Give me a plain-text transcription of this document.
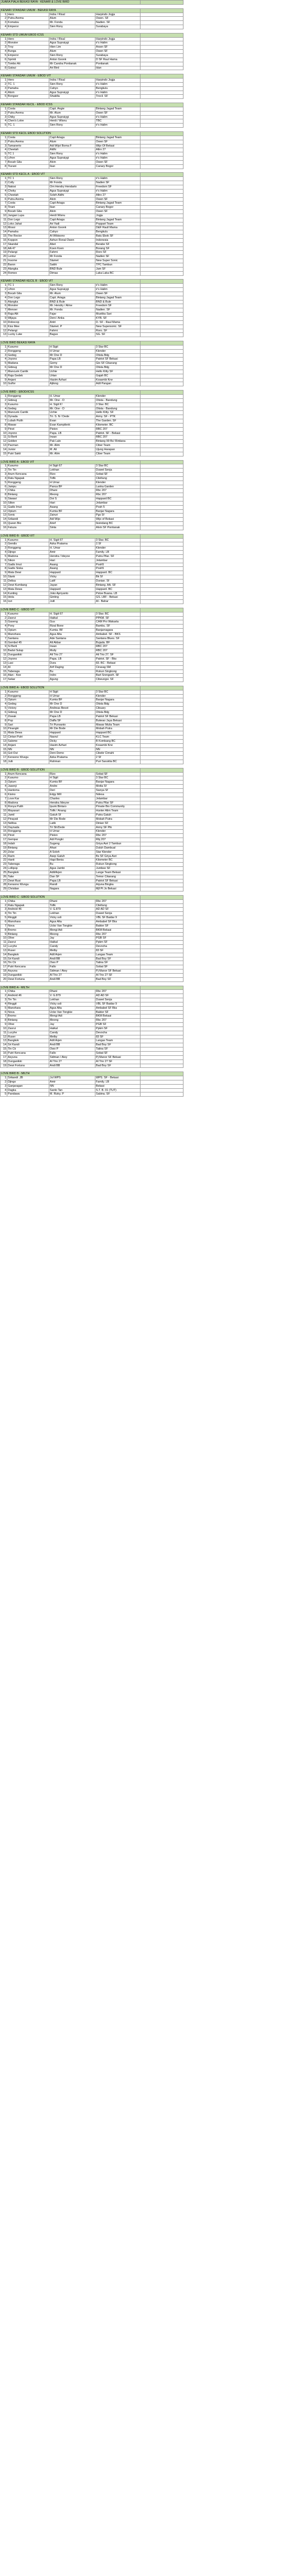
JUARA PIALA BEKASI RAYA - KENARI & LOVE BIRD				

KENARI STANDAR UMUM - BEKASI RAYA				
1	Hero	Indra / Risal	Harpindo Jogja	
2	Putra Arema	Alum	Owen. SF	
3	Komatsu	Mr. Fonda	Nadien. SF	
4	Emperor	Sien Rony	Surabaya	

KENARI STD UMUM EBOD ICSS				
1	Hero	Indra / Risal	Harpindo Jogja	
2	Monster	Agus Supraiygi	ir's Halim	
3	Troy	Hien Lim	Arsen SF	
4	Bunga	Alum	Owen SF	
5	Emperor	Sien Rony	Surabaya	
6	Sprinti	Anton Goonk	D SF Raul Hama	
7	Tombo Ati	Mr Candra Pontianak	Pontianak	
8	Gatsui	Ari Bird	Idan	

KENARI STANDAR UMUM - EBOD VIT				
1	Hero	Indra / Risal	Harpindo Jogja	
2	TC. 1	Sien Rony	ir's Halim	
3	Pamaha	Cahyo	Bengkulu	
4	Atom	Agus Supraiygi	ir's Halim	
5	Bongsor	Shakilla	Trecil. SF	

KENARI STANDAR KECIL - EBOD ICSS				
1	Costa	Capt. Angie	Bintang Jagad Team	
2	Putra Arema	Mr. Alum	Owen SF	
3	Chiky	Agus Supraiygi	ir's Halim	
4	Chen's Lotre	Herdi / Wisnu	TBC	
5	TC. 1	Sien Rony	ir's Halim	

KENARI STD KECIL EBOD SOLUTION				
1	Costa	Capt Ariaga	Bintang Jagad Team	
2	Putra Arema	Alum	Owen SF	
3	Tamanerto	Adi Wijo/ Boma F	Wijo Of Bekasi	
4	Cheetah	Aldhi	Altro 27	
5	TC 1	Sien Rony	ir's Halim	
6	Lifron	Agus Supraiygi	ir's Halim	
7	Bocah Gila	Alvin	Owen SF	
8	Tiurani	Ikan	Canary Bogor	

KENARI STD KECIL A - EBOD VIT				
1	TC 1	Sien Rony	ir's Halim	
2	Colly	Mr Fonda	Nadien SF	
3	Natosi	Om Hendry Hendarto	Freedom SF	
4	Choky	Agus Supraiygi	ir's Halim	
5	Cheetah	Soleh Aldhi	Altro 27	
6	Putra Arema	Alvin	Owen SF	
7	Costa	Capt Ariaga	Bintang Jagad Team	
8	Tirani	Ikan	Canary Bogor	
9	Bocah Gila	Alvin	Owen SF	
10	Jangan Lupa	Herdi Wisnu	Jogja	
11	Don Lego	Capt Ariaga	Bintang Jagad Team	
12	Loko Jahat	Ari Yadi	Poppart Team	
13	Mossi	Anton Goonk	D&F Raull Mama	
14	Pamaha	Cahyo	Bengkulu	
15	The Rector	Ai Wibisono	Batu Ebok SF	
16	Koppon	Azhun Ronal Owen	Indonesia	
17	Skandal	Abet	Berabe SF	
18	AA 47	Koen Koen	Borang SF	
19	Pelangi	Fahmi	Roro SF	
20	Lentur	Mr Fonda	Nadien SF	
21	Insome	Slamet	New Super Sonic	
22	Baron	Sakhi	TPC Tambun	
23	Alangka	BND Bule	Jam SF	
24	Romeo	Dimas	Laka Laka BC	

KENARI STANDAR KECIL B - EBOD VIT				
1	TC 1	Sien Rony	ir's Halim	
2	Lifron	Agus Supraiygi	ir's Halim	
3	Bocah Gila	Mr. Alum	Owen SF	
4	Don Lego	Capt. Ariaga	Bintang Jagad Team	
5	Alangka	BND & Bule	BND & Bule	
6	Monster	Mr. Hendry / Alme	Freedom SF	
7	Menoer	Mr. Fonda	Nadien. SF	
8	Raja Alit	Fajar	Mustika Sari	
9	Wijaya	Deni / Anka	KYB. SF	
10	Robocop	Antri	D. SF - Raul Mama	
11	Kiss Mee	Slamet. P	New Supersonic. SF	
12	Pelangi	Fahmi	Roro. SF	
13	Lucky Luke	Bagus	SG. SF	

LOVE BIRD BEKASI RAYA				
1	Kusumo	H Sigit	3 Star BC	
2	Ronggeng	H Umar	Klender	
3	Gedeg	Mr One D	Otista Bdg	
4	Joyono	Papa LB	Patriot SF Bekasi	
5	Madana	Gemy	Gio SF Cikarang	
6	Gideug	Mr One D	Otista Bdg	
7	Mancunk Cantik	Uchie	Hello Kitty SF	
8	Raja Gedek	Urtan	Gajah BC	
9	Anjani	Hasim Azhari	Kosambi Krw	
10	Gulfor	Ajilong	Adil Pangan	

LOVE BIRD - EBOD/ICSS				
1	Ronggeng	H. Umar	Klender	
2	Gideug	Mr. One - D	Otista - Bandung	
3	Kusumo	H. Sigit K!	3 Star. BC	
4	Gedeg	Mr. One - D	Otista - Bandung	
5	Mancunk Cantik	Uchie	Hello Kitty. SF	
6	Dynada	Tri. S. N / Dede	Army. SF - PTK	
7	Lubah Putih	Evan	The Garden. SF	
8	Mawar	Evan Kampilenk	Kilometer. BC	
9	Pinot	Piston	RBC 207	
10	Joyono	Papa. LB	Patriot. SF - Bekasi	
11	Si Berti	Irwan	RBC 207	
12	Golden	Pak Lalo	Bintang 99 Bc/ Rintiana	
13	Pacman	Mr. Alim	Ciber Team	
14	Junior	M. Ali	Ujung Harapan	
15	Putri Sakti	Mr. Alim	Ciber Team	

LOVE BIRD A - EBOD VIT				
1	Kusumo	H Sigit 67	3 Star BC	
2	Tin Tin	Lekhan	Duwet Senja	
3	Arum Kencana	Rizo	Sobat SF	
4	Ratu Ngapak	Tofik	Cileltung	
5	Ronggeng	H Umar	Klender	
6	Jampu	Panca BF	Lanka Garden	
7	Chika	Dhani	Rbc 207	
8	Bintang	Meong	Rbc 207	
9	Siwawi	Doi S	Happard BC	
10	Silion	Hari	Jelambar	
11	Gadis Imut	Asang	Posh 5	
12	Opium	Kumia BF	Banjar Nagara	
13	Sonic	Zairuri	Pgs Sf	
14	Srikandi	Adi Wijo	Wijo of Bekasi	
15	Queen Bio	Arief	Ikoindang BC	
16	Fatuza	Sinta	Alvin SF Pontianak	

LOVE BIRD B - EBOD VIT				
1	Kusumo	H. Sigit 67	3 Star. BC	
2	Gendis	Azka Pratama	2.Sf	
3	Ronggeng	H. Umar	Klender	
4	Djingo	Amir	Family. LB	
5	Madona	Hendra / Ideyoe	Putra Pilar. SF	
6	Sikon	Hari	Jelambar	
7	Gadis Imut	Asang	Posh5	
8	Gadis Siska	Asang	Posh5	
9	Mata Dewi	Happard	Happard. BC	
10	Slank	Vicky	Bk Sf	
11	Delisa	Latif	Dunian. Sf	
12	Dewi Kumbang	Jayan	Bintang. AA. SF	
13	Mata Dewa	Happard	Happard. BC	
14	Kunting	Joko Apriyanto	Pstoe Buana. LB	
15	Idola	Ginting	GS. LBF - Bekasi	
16	Izzi	Julil	Al - Bahar	

LOVE BIRD C - EBOD VIT				
1	Kusumo	H. Sigit 67	3 Star. BC	
2	Zasrui	Haikal	PPKM. SF	
3	Gaseng	Gus	CAM Pro Wakarta	
4	Pony	Rizal Bone	Bambu. SF	
5	Opium	Kumia. BF	Banjarnagara	
6	Manohara	Agus Alta	Ambabel. SF - BKS	
7	Santana	Ade Santana	Santana Blues. SF	
8	Gembel 45	Ali Akbar	Bujada. BF	
9	Si Berti	Irwan	RBC 207	
10	Badut Sulap	Mully	RBC 207	
11	Dunganikki	Ali Trio 27	Ali Trio 27. SF	
12	Joyono	Papa. LB	Patriot. SF - Bks	
13	Lasi	Dura	83. BC - Bekasi	
14	Al	Arif Daging	Cirasag SM	
15	Taberaga	Bu	Rukun Singkong	
16	Alan - Kee	Indro	Bart Srengseh. SF	
17	Sekar	Agung	Cibeungsi. SF	

LOVE BIRD A - EBOD SOLUTION				
1	Kusumo	H Sigit	3 Star BC	
2	Ronggeng	H Umar	Klender	
3	Opium	Kumia BF	Banjar Nagara	
4	Gedeg	Mr One D	Otista Bdg	
5	Victory	Andreas Besot	Cibuary	
6	Gideug	Mr One D	Otista Bdg	
7	Zowak	Papa LB	Patriot SF Bekasi	
8	Pop	Daffa SF	Bukeao Jaya Bekasi	
9	Sari	Tri Purwanto	Mawar Mulia Team	
10	Pinangki	Mr Die Bode	Mobah Putra	
11	Mata Dewa	Happard	Happard BC	
12	Cintan Putri	Nasrul	KLC Team	
13	Salome	Dicky	B Kombang BC	
14	Anjani	Hasim Azhari	Kosambi Krw	
15	NN	NN	NN	
16	Gol-Out	Deni Demo	Cibebr Cimahi	
17	Kensono Wusgu	Azka Pratama	2 Sf	
18	Julii	Rahman	Puri Saruktia BC	

LOVE BIRD B - EBOD SOLUTION				
1	Arum Kencana	Rizo	Sobat SF	
2	Kusumo	H Sigit	3 Star BC	
3	Opium	Kumia BF	Banjar Nagara	
4	Jasenji	Andre	Motta Sf	
5	Hantoma	Deri	Swoya Sf	
6	Kisino	Edgy Mill	Ndesa	
7	Love Kar	Charles	Jelambar	
8	Madona	Hendra /Ideyoe	Putra Pilar SF	
9	Ronya Putih	Ipunk Bintaro	Private Bio Community	
10	Mayasari	Tofik / Anang	Hunter Alim Team	
11	Jamil	Gatuh Sf	Putra Gatuh	
12	Pinayati	Mr Die Bode	Mobah Putra	
13	Nelitsa	Latik	Dinian SF	
14	Daynada	Tri Sh/Dede	Army SF Ptk	
15	Ronggeng	H Umar	Klender	
16	Pinot	Piston	Rbc 207	
17	Gempar	Adi Pongki	Rbj 207	
18	Indah	Sugeng	Griya Asri 2 Tambun	
19	Bintang	Ahari	Duluh Dambual	
20	Zolar	A Soleh	Star Klender	
21	Rarin	Asep Gatuh	Bs SF Griya Asri	
22	Hanti	Hapi Benia	Kilometer BC	
23	Taberaga	Bu	Rukun Singkong	
24	Lollipop	Agus Jambi	Jumbee SF	
25	Bangkok	Adil/Arjen	Lange Team Bekasi	
26	Take	Dan SF	Temor Cikarang	
27	Dewi Rusi	Papa LB	Patriot SF Bekasi	
28	Kensono Wungu	Randi	Arjuna Bingka	
29	Christian	Nagara	Mjf Pt Jo Bekasi	

LOVE BIRD C - EBOD SOLUTION				
1	Chika	Dhani	Rbc 207	
2	Ratu Ngapak	Tofik	Cileltung	
3	Android 46	V. G.879	AD AD SF	
4	Tin Tin	Lekhan	Duwet Senja	
5	Ringgit	Vicky ssli	VBL SF Baidar 9	
6	Manohara	Agus Alta	Ambabel SF Bks	
7	Nova	Ucko Van Tongkie	Bakter SF	
8	Bromo	Mengi Adi	BKM Bekasi	
9	Bintang	Meong	Rbc 207	
10	Olive	Jay	PGB SF	
11	Zasrui	Haikal	Ppkm SF	
12	Lucyhe	Candy	Devocha	
13	Ruser	Melby	83 SF	
14	Bangkok	Adil Arjen	Langas Team	
15	Sri Kandi	Andi BB	Bad Boy SF	
16	Tin Ck	Owo P	Tatina SF	
17	Putri Kencana	Fallo	Sobat SF	
18	Azyuna	Sidman / Atey	Pj Manor SF Bekasi	
19	Dunganikki	Al Trio 27	Al Trio 27 SF	
20	Dewi Fortuna	Andi BB	Bad Boy SF	

LOVE BIRD A - MILTH				
1	Chika	Dhani	Rbc 207	
2	Android 46	V. G.879	AD AD SF	
3	Tin Tin	Lekhan	Duwet Senja	
4	Ringgit	Vicky ssli	VBL SF Baidar 9	
5	Manohara	Agus Alta	Ambabel SF Bks	
6	Nova	Ucko Van Tongkie	Bakter SF	
7	Bromo	Mengi Adi	BKM Bekasi	
8	Bintang	Meong	Rbc 207	
9	Olive	Jay	PGB SF	
10	Zasrui	Haikal	Ppkm SF	
11	Lucyhe	Candy	Devocha	
12	Ruser	Melby	83 SF	
13	Bangkok	Adil Arjen	Langas Team	
14	Sri Kandi	Andi BB	Bad Boy SF	
15	Tin Ck	Owo P	Tatina SF	
16	Putri Kencana	Fallo	Sobat SF	
17	Azyuna	Sidman / Atey	Pj Manor SF Bekasi	
18	Dunganikki	Al Trio 27	Al Trio 27 SF	
19	Dewi Fortuna	Andi BB	Bad Boy SF	

LOVE BIRD B - MILTH				
1	Srikandi .JB	Jul WPS	WPS. SF - Bekasi	
2	Djingo	Amir	Family. LB	
3	Ganjaragan	NN	Bekasi	
4	Dagka	Santo Tan	S.T. B. 01 (TUT)	
5	Pandawa	M. Rizky. P	Sabina. SF	
